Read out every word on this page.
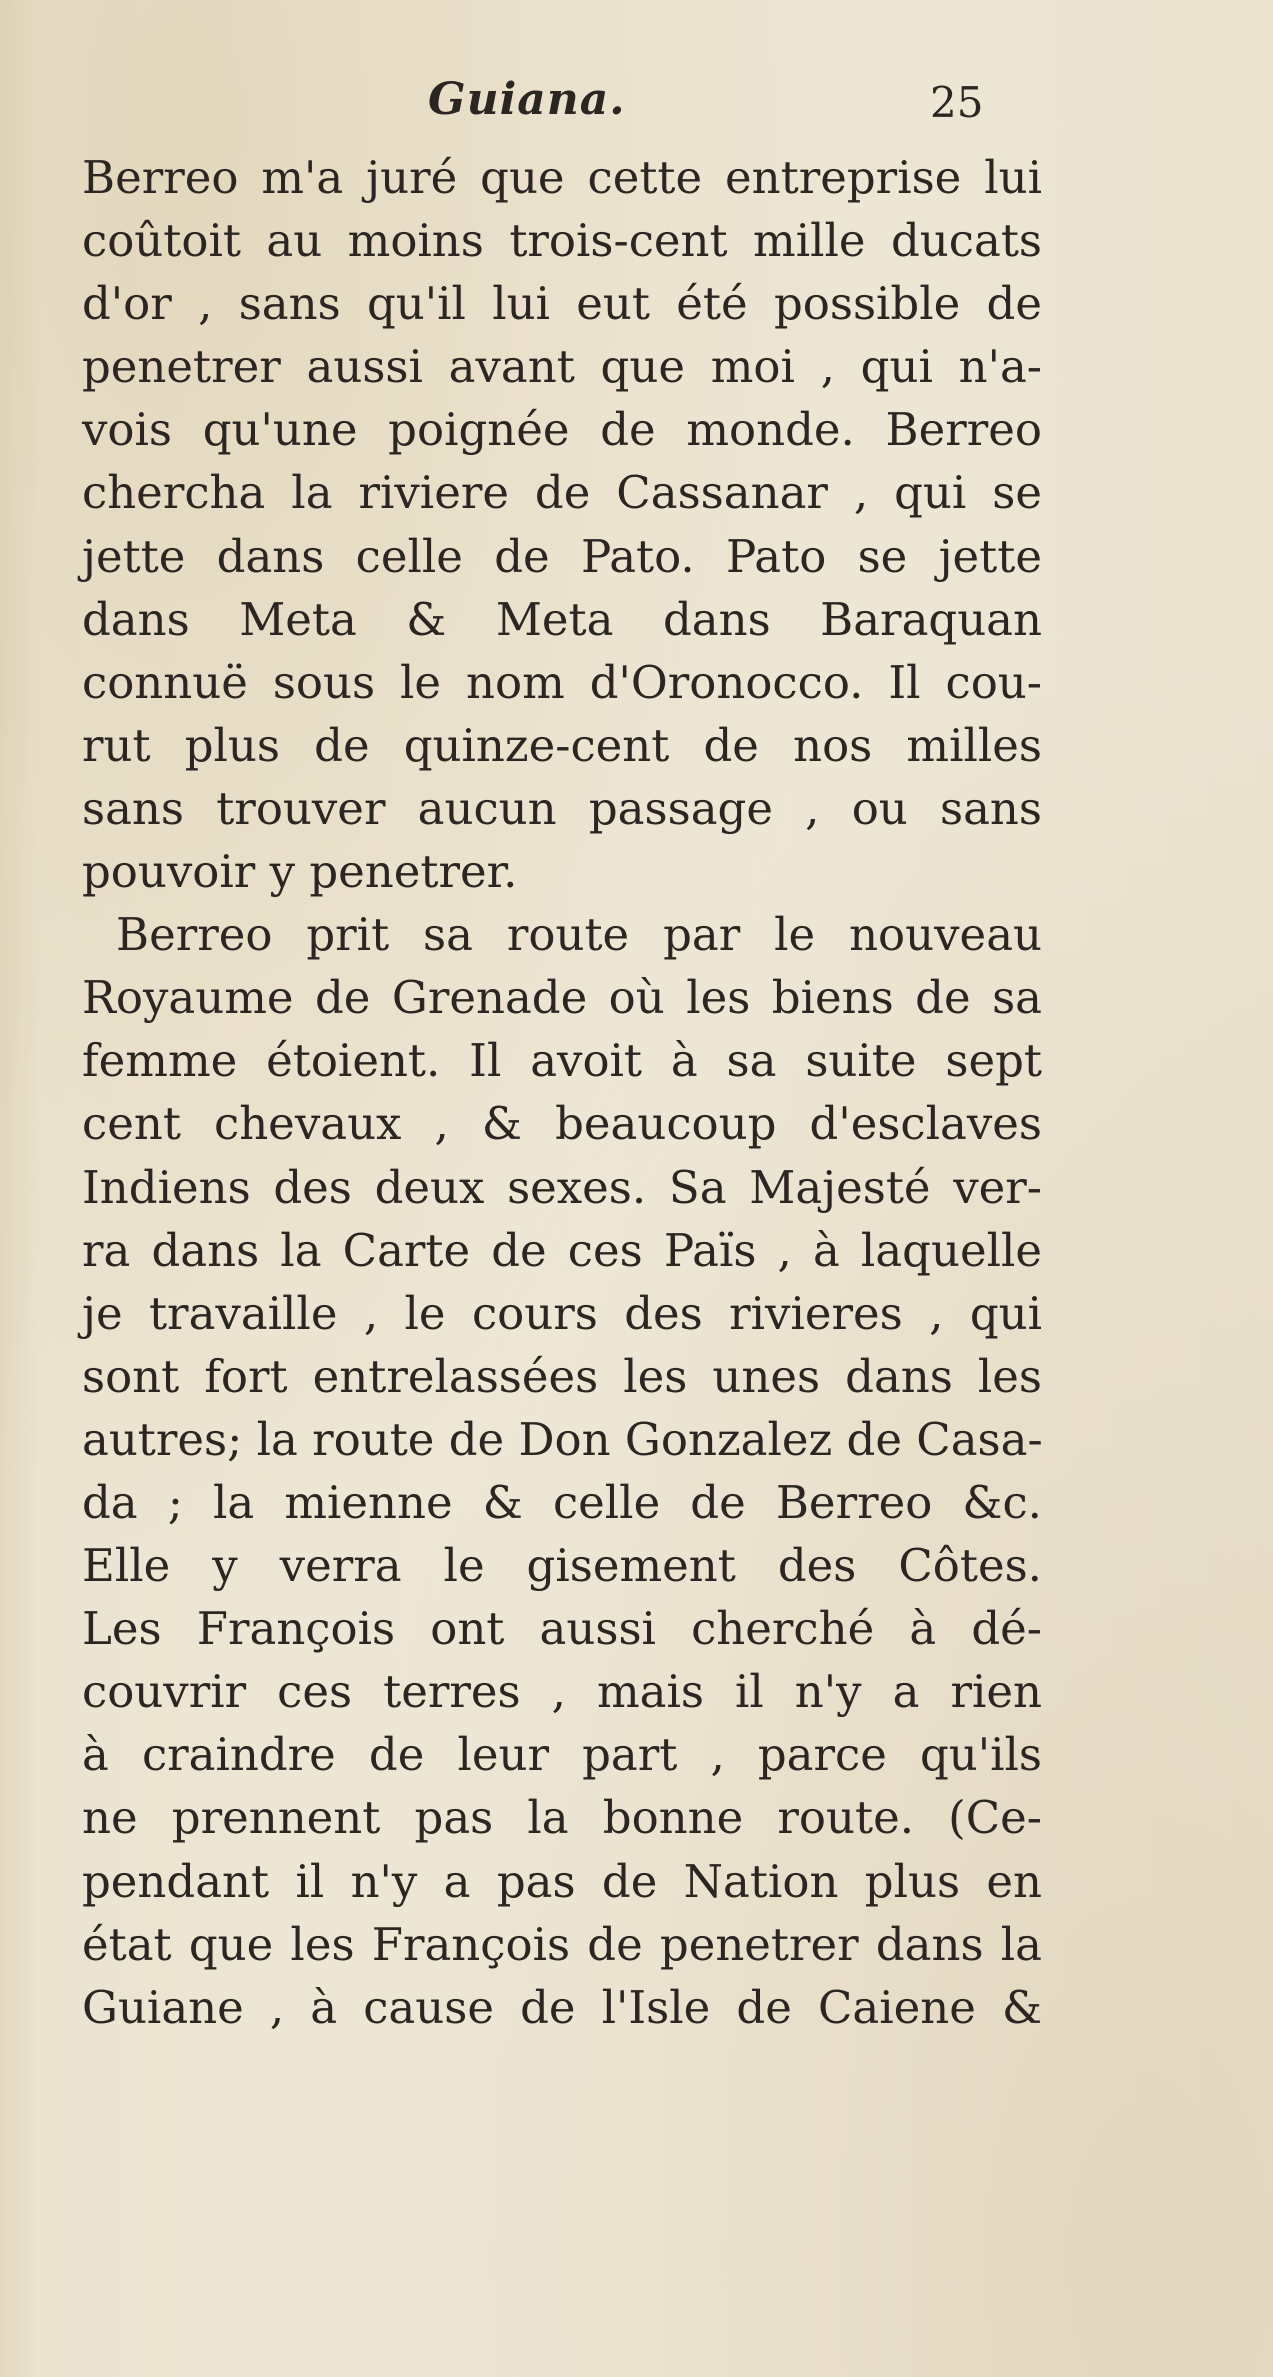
Guiana.	25
Berreo m'a juré que cette entreprise lui
coûtoit au moins trois-cent mille ducats
d'or , sans qu'il lui eut été possible de
penetrer aussi avant que moi , qui n'a-
vois qu'une poignée de monde. Berreo
chercha la riviere de Cassanar , qui se
jette dans celle de Pato. Pato se jette
dans Meta & Meta dans Baraquan
connuë sous le nom d'Oronocco. Il cou-
rut plus de quinze-cent de nos milles
sans trouver aucun passage , ou sans
pouvoir y penetrer.
Berreo prit sa route par le nouveau
Royaume de Grenade où les biens de sa
femme étoient. Il avoit à sa suite sept
cent chevaux , & beaucoup d'esclaves
Indiens des deux sexes. Sa Majesté ver-
ra dans la Carte de ces Païs , à laquelle
je travaille , le cours des rivieres , qui
sont fort entrelassées les unes dans les
autres; la route de Don Gonzalez de Casa-
da ; la mienne & celle de Berreo &c.
Elle y verra le gisement des Côtes.
Les François ont aussi cherché à dé-
couvrir ces terres , mais il n'y a rien
à craindre de leur part , parce qu'ils
ne prennent pas la bonne route. (Ce-
pendant il n'y a pas de Nation plus en
état que les François de penetrer dans la
Guiane , à cause de l'Isle de Caiene &
